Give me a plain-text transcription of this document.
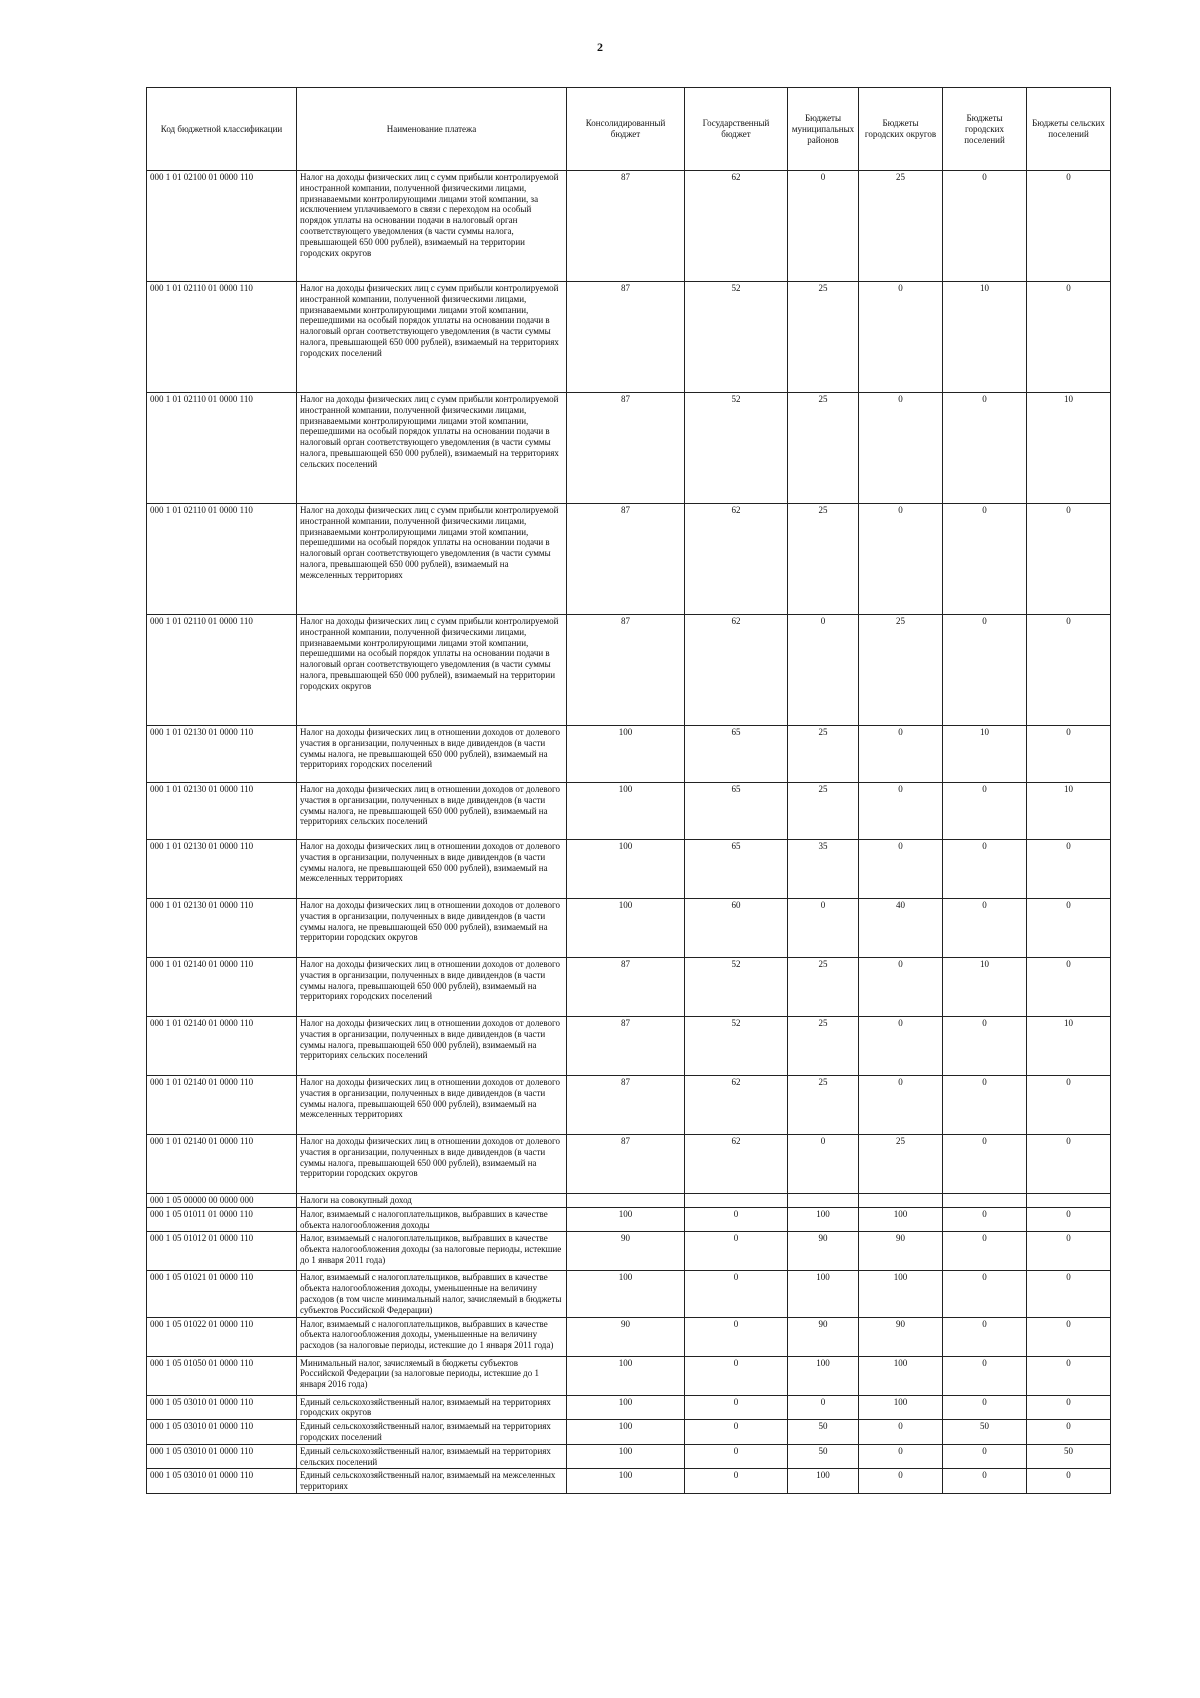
2
Код бюджетной классификации	Наименование платежа	Консолидированный бюджет	Государственный бюджет	Бюджеты муниципальных районов	Бюджеты городских округов	Бюджеты городских поселений	Бюджеты сельских поселений
000 1 01 02100 01 0000 110	Налог на доходы физических лиц с сумм прибыли контролируемой иностранной компании, полученной физическими лицами, признаваемыми контролирующими лицами этой компании, за исключением уплачиваемого в связи с переходом на особый порядок уплаты на основании подачи в налоговый орган соответствующего уведомления (в части суммы налога, превышающей 650 000 рублей), взимаемый на территории городских округов	87	62	0	25	0	0
000 1 01 02110 01 0000 110	Налог на доходы физических лиц с сумм прибыли контролируемой иностранной компании, полученной физическими лицами, признаваемыми контролирующими лицами этой компании, перешедшими на особый порядок уплаты на основании подачи в налоговый орган соответствующего уведомления (в части суммы налога, превышающей 650 000 рублей), взимаемый на территориях городских поселений	87	52	25	0	10	0
000 1 01 02110 01 0000 110	Налог на доходы физических лиц с сумм прибыли контролируемой иностранной компании, полученной физическими лицами, признаваемыми контролирующими лицами этой компании, перешедшими на особый порядок уплаты на основании подачи в налоговый орган соответствующего уведомления (в части суммы налога, превышающей 650 000 рублей), взимаемый на территориях сельских поселений	87	52	25	0	0	10
000 1 01 02110 01 0000 110	Налог на доходы физических лиц с сумм прибыли контролируемой иностранной компании, полученной физическими лицами, признаваемыми контролирующими лицами этой компании, перешедшими на особый порядок уплаты на основании подачи в налоговый орган соответствующего уведомления (в части суммы налога, превышающей 650 000 рублей), взимаемый на межселенных территориях	87	62	25	0	0	0
000 1 01 02110 01 0000 110	Налог на доходы физических лиц с сумм прибыли контролируемой иностранной компании, полученной физическими лицами, признаваемыми контролирующими лицами этой компании, перешедшими на особый порядок уплаты на основании подачи в налоговый орган соответствующего уведомления (в части суммы налога, превышающей 650 000 рублей), взимаемый на территории городских округов	87	62	0	25	0	0
000 1 01 02130 01 0000 110	Налог на доходы физических лиц в отношении доходов от долевого участия в организации, полученных в виде дивидендов (в части суммы налога, не превышающей 650 000 рублей), взимаемый на территориях городских поселений	100	65	25	0	10	0
000 1 01 02130 01 0000 110	Налог на доходы физических лиц в отношении доходов от долевого участия в организации, полученных в виде дивидендов (в части суммы налога, не превышающей 650 000 рублей), взимаемый на территориях сельских поселений	100	65	25	0	0	10
000 1 01 02130 01 0000 110	Налог на доходы физических лиц в отношении доходов от долевого участия в организации, полученных в виде дивидендов (в части суммы налога, не превышающей 650 000 рублей), взимаемый на межселенных территориях	100	65	35	0	0	0
000 1 01 02130 01 0000 110	Налог на доходы физических лиц в отношении доходов от долевого участия в организации, полученных в виде дивидендов (в части суммы налога, не превышающей 650 000 рублей), взимаемый на территории городских округов	100	60	0	40	0	0
000 1 01 02140 01 0000 110	Налог на доходы физических лиц в отношении доходов от долевого участия в организации, полученных в виде дивидендов (в части суммы налога, превышающей 650 000 рублей), взимаемый на территориях городских поселений	87	52	25	0	10	0
000 1 01 02140 01 0000 110	Налог на доходы физических лиц в отношении доходов от долевого участия в организации, полученных в виде дивидендов (в части суммы налога, превышающей 650 000 рублей), взимаемый на территориях сельских поселений	87	52	25	0	0	10
000 1 01 02140 01 0000 110	Налог на доходы физических лиц в отношении доходов от долевого участия в организации, полученных в виде дивидендов (в части суммы налога, превышающей 650 000 рублей), взимаемый на межселенных территориях	87	62	25	0	0	0
000 1 01 02140 01 0000 110	Налог на доходы физических лиц в отношении доходов от долевого участия в организации, полученных в виде дивидендов (в части суммы налога, превышающей 650 000 рублей), взимаемый на территории городских округов	87	62	0	25	0	0
000 1 05 00000 00 0000 000	Налоги на совокупный доход						
000 1 05 01011 01 0000 110	Налог, взимаемый с налогоплательщиков, выбравших в качестве объекта налогообложения доходы	100	0	100	100	0	0
000 1 05 01012 01 0000 110	Налог, взимаемый с налогоплательщиков, выбравших в качестве объекта налогообложения доходы (за налоговые периоды, истекшие до 1 января 2011 года)	90	0	90	90	0	0
000 1 05 01021 01 0000 110	Налог, взимаемый с налогоплательщиков, выбравших в качестве объекта налогообложения доходы, уменьшенные на величину расходов (в том числе минимальный налог, зачисляемый в бюджеты субъектов Российской Федерации)	100	0	100	100	0	0
000 1 05 01022 01 0000 110	Налог, взимаемый с налогоплательщиков, выбравших в качестве объекта налогообложения доходы, уменьшенные на величину расходов (за налоговые периоды, истекшие до 1 января 2011 года)	90	0	90	90	0	0
000 1 05 01050 01 0000 110	Минимальный налог, зачисляемый в бюджеты субъектов Российской Федерации (за налоговые периоды, истекшие до 1 января 2016 года)	100	0	100	100	0	0
000 1 05 03010 01 0000 110	Единый сельскохозяйственный налог, взимаемый на территориях городских округов	100	0	0	100	0	0
000 1 05 03010 01 0000 110	Единый сельскохозяйственный налог, взимаемый на территориях городских поселений	100	0	50	0	50	0
000 1 05 03010 01 0000 110	Единый сельскохозяйственный налог, взимаемый на территориях сельских поселений	100	0	50	0	0	50
000 1 05 03010 01 0000 110	Единый сельскохозяйственный налог, взимаемый на межселенных территориях	100	0	100	0	0	0
